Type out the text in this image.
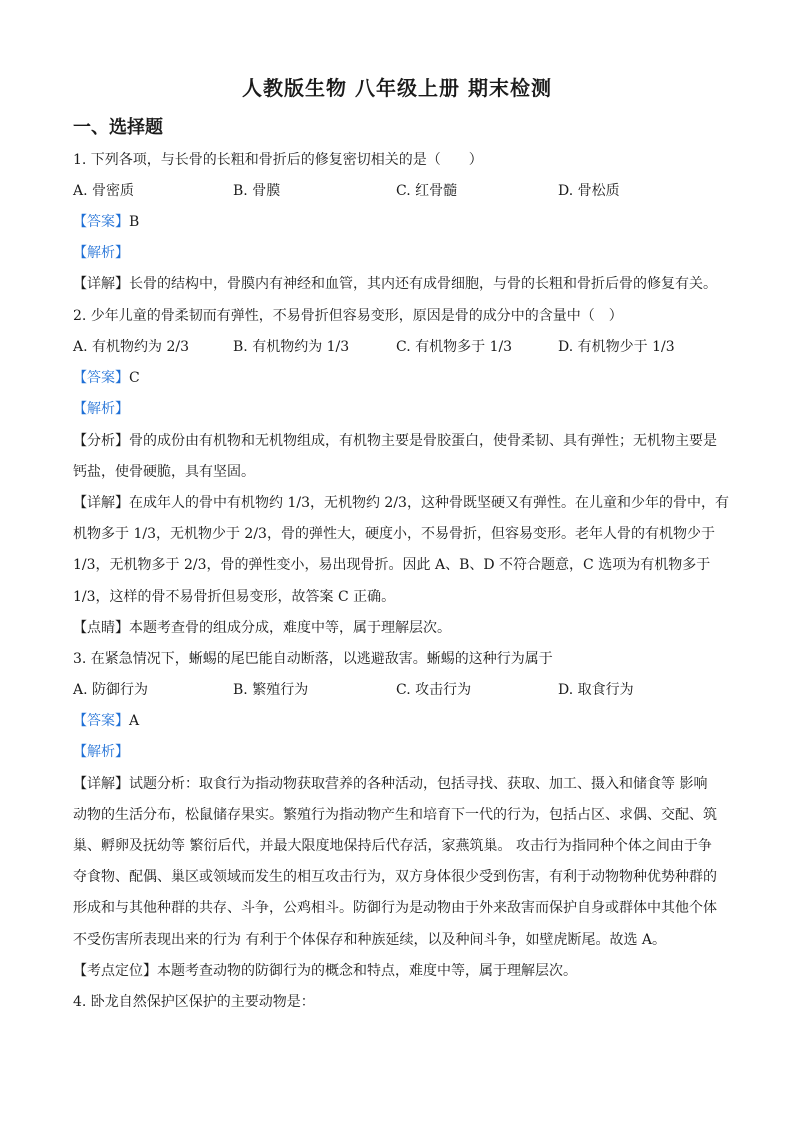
人教版生物 八年级上册 期末检测
一、选择题
1. 下列各项，与长骨的长粗和骨折后的修复密切相关的是（　　）
A. 骨密质	B. 骨膜	C. 红骨髓	D. 骨松质
【答案】B
【解析】
【详解】长骨的结构中，骨膜内有神经和血管，其内还有成骨细胞，与骨的长粗和骨折后骨的修复有关。
2. 少年儿童的骨柔韧而有弹性，不易骨折但容易变形，原因是骨的成分中的含量中（　）
A. 有机物约为 2/3	B. 有机物约为 1/3	C. 有机物多于 1/3	D. 有机物少于 1/3
【答案】C
【解析】
【分析】骨的成份由有机物和无机物组成，有机物主要是骨胶蛋白，使骨柔韧、具有弹性；无机物主要是
钙盐，使骨硬脆，具有坚固。
【详解】在成年人的骨中有机物约 1/3，无机物约 2/3，这种骨既坚硬又有弹性。在儿童和少年的骨中，有
机物多于 1/3，无机物少于 2/3，骨的弹性大，硬度小，不易骨折，但容易变形。老年人骨的有机物少于
1/3，无机物多于 2/3，骨的弹性变小，易出现骨折。因此 A、B、D 不符合题意，C 选项为有机物多于
1/3，这样的骨不易骨折但易变形，故答案 C 正确。
【点睛】本题考查骨的组成分成，难度中等，属于理解层次。
3. 在紧急情况下，蜥蜴的尾巴能自动断落，以逃避敌害。蜥蜴的这种行为属于
A. 防御行为	B. 繁殖行为	C. 攻击行为	D. 取食行为
【答案】A
【解析】
【详解】试题分析：取食行为指动物获取营养的各种活动，包括寻找、获取、加工、摄入和储食等 影响
动物的生活分布，松鼠储存果实。繁殖行为指动物产生和培育下一代的行为，包括占区、求偶、交配、筑
巢、孵卵及抚幼等 繁衍后代，并最大限度地保持后代存活，家燕筑巢。 攻击行为指同种个体之间由于争
夺食物、配偶、巢区或领域而发生的相互攻击行为，双方身体很少受到伤害，有利于动物物种优势种群的
形成和与其他种群的共存、斗争，公鸡相斗。防御行为是动物由于外来敌害而保护自身或群体中其他个体
不受伤害所表现出来的行为 有利于个体保存和种族延续，以及种间斗争，如壁虎断尾。故选 A。
【考点定位】本题考查动物的防御行为的概念和特点，难度中等，属于理解层次。
4. 卧龙自然保护区保护的主要动物是：
